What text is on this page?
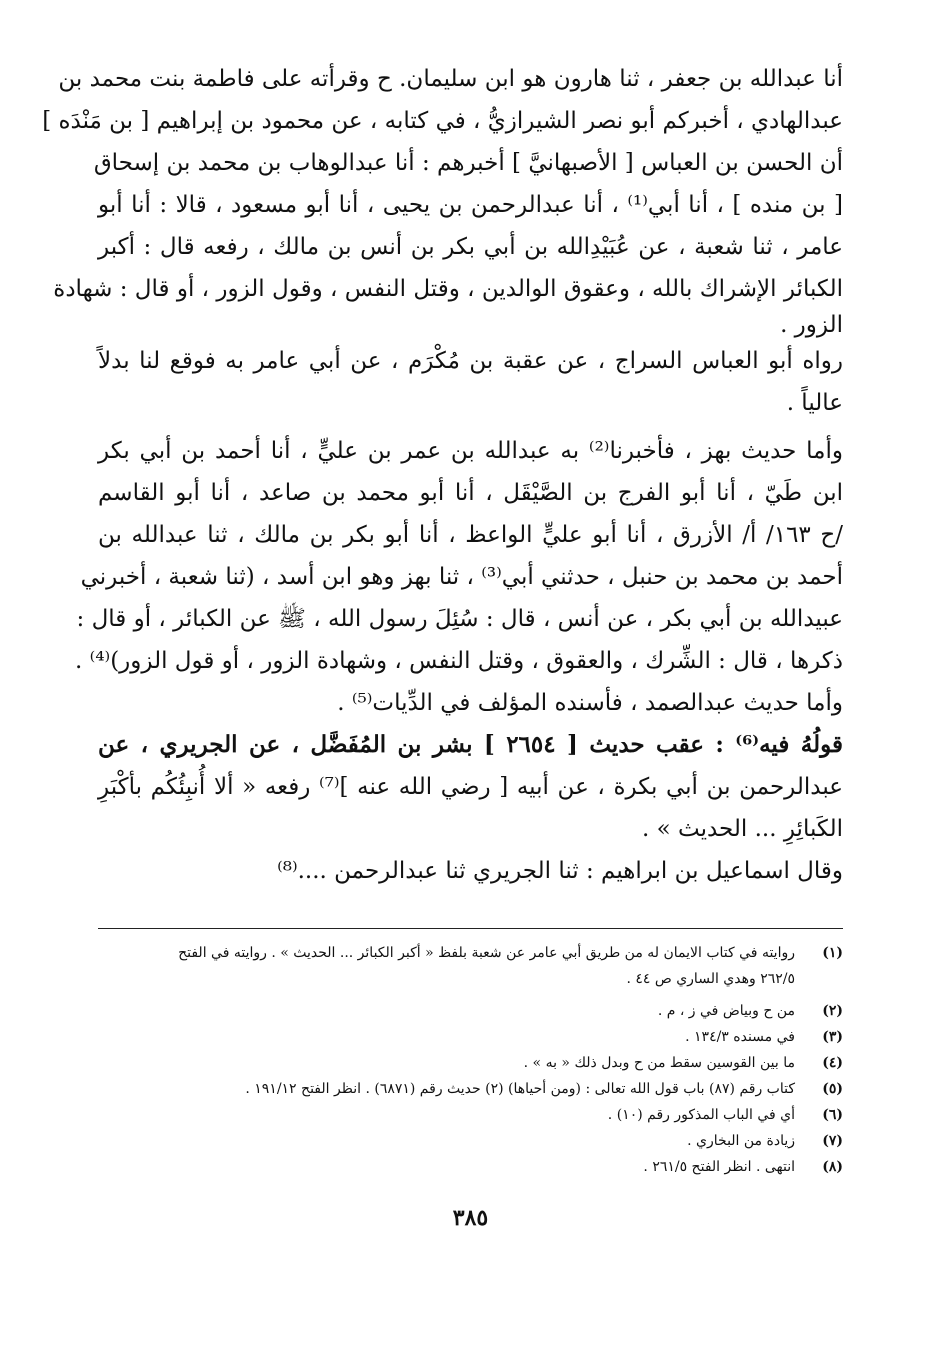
أنا عبدالله بن جعفر ، ثنا هارون هو ابن سليمان. ح وقرأته على فاطمة بنت محمد بن
عبدالهادي ، أخبركم أبو نصر الشيرازيُّ ، في كتابه ، عن محمود بن إبراهيم [ بن مَنْدَه ]
أن الحسن بن العباس [ الأصبهانيَّ ] أخبرهم : أنا عبدالوهاب بن محمد بن إسحاق
[ بن منده ] ، أنا أبي⁽¹⁾ ، أنا عبدالرحمن بن يحيى ، أنا أبو مسعود ، قالا : أنا أبو
عامر ، ثنا شعبة ، عن عُبَيْدِالله بن أبي بكر بن أنس بن مالك ، رفعه قال : أكبر
الكبائر الإشراك بالله ، وعقوق الوالدين ، وقتل النفس ، وقول الزور ، أو قال : شهادة
الزور .
رواه أبو العباس السراج ، عن عقبة بن مُكْرَم ، عن أبي عامر به فوقع لنا بدلاً
عالياً .
وأما حديث بهز ، فأخبرنا⁽²⁾ به عبدالله بن عمر بن عليٍّ ، أنا أحمد بن أبي بكر
ابن طَيّ ، أنا أبو الفرج بن الصَّيْقَل ، أنا أبو محمد بن صاعد ، أنا أبو القاسم
/ح ١٦٣/ أ/ الأزرق ، أنا أبو عليٍّ الواعظ ، أنا أبو بكر بن مالك ، ثنا عبدالله بن
أحمد بن محمد بن حنبل ، حدثني أبي⁽³⁾ ، ثنا بهز وهو ابن أسد ، (ثنا شعبة ، أخبرني
عبيدالله بن أبي بكر ، عن أنس ، قال : سُئِلَ رسول الله ، ﷺ عن الكبائر ، أو قال :
ذكرها ، قال : الشِّرك ، والعقوق ، وقتل النفس ، وشهادة الزور ، أو قول الزور)⁽⁴⁾ .
وأما حديث عبدالصمد ، فأسنده المؤلف في الدِّيات⁽⁵⁾ .
قولُهُ فيه⁽⁶⁾ : عقب حديث [ ٢٦٥٤ ] بشر بن المُفَضَّل ، عن الجريري ، عن
عبدالرحمن بن أبي بكرة ، عن أبيه [ رضي الله عنه ]⁽⁷⁾ رفعه « ألا أُنبِئُكُم بأكْبَرِ
الكَبائِرِ ... الحديث » .
وقال اسماعيل بن ابراهيم : ثنا الجريري ثنا عبدالرحمن ....⁽⁸⁾
(١)
روايته في كتاب الايمان له من طريق أبي عامر عن شعبة بلفظ « أكبر الكبائر ... الحديث » . روايته في الفتح
٢٦٢/٥ وهدي الساري ص ٤٤ .
(٢)
من ح وبياض في ز ، م .
(٣)
في مسنده ١٣٤/٣ .
(٤)
ما بين القوسين سقط من ح وبدل ذلك « به » .
(٥)
كتاب رقم (٨٧) باب قول الله تعالى : (ومن أحياها) (٢) حديث رقم (٦٨٧١) . انظر الفتح ١٩١/١٢ .
(٦)
أي في الباب المذكور رقم (١٠) .
(٧)
زيادة من البخاري .
(٨)
انتهى . انظر الفتح ٢٦١/٥ .
٣٨٥
